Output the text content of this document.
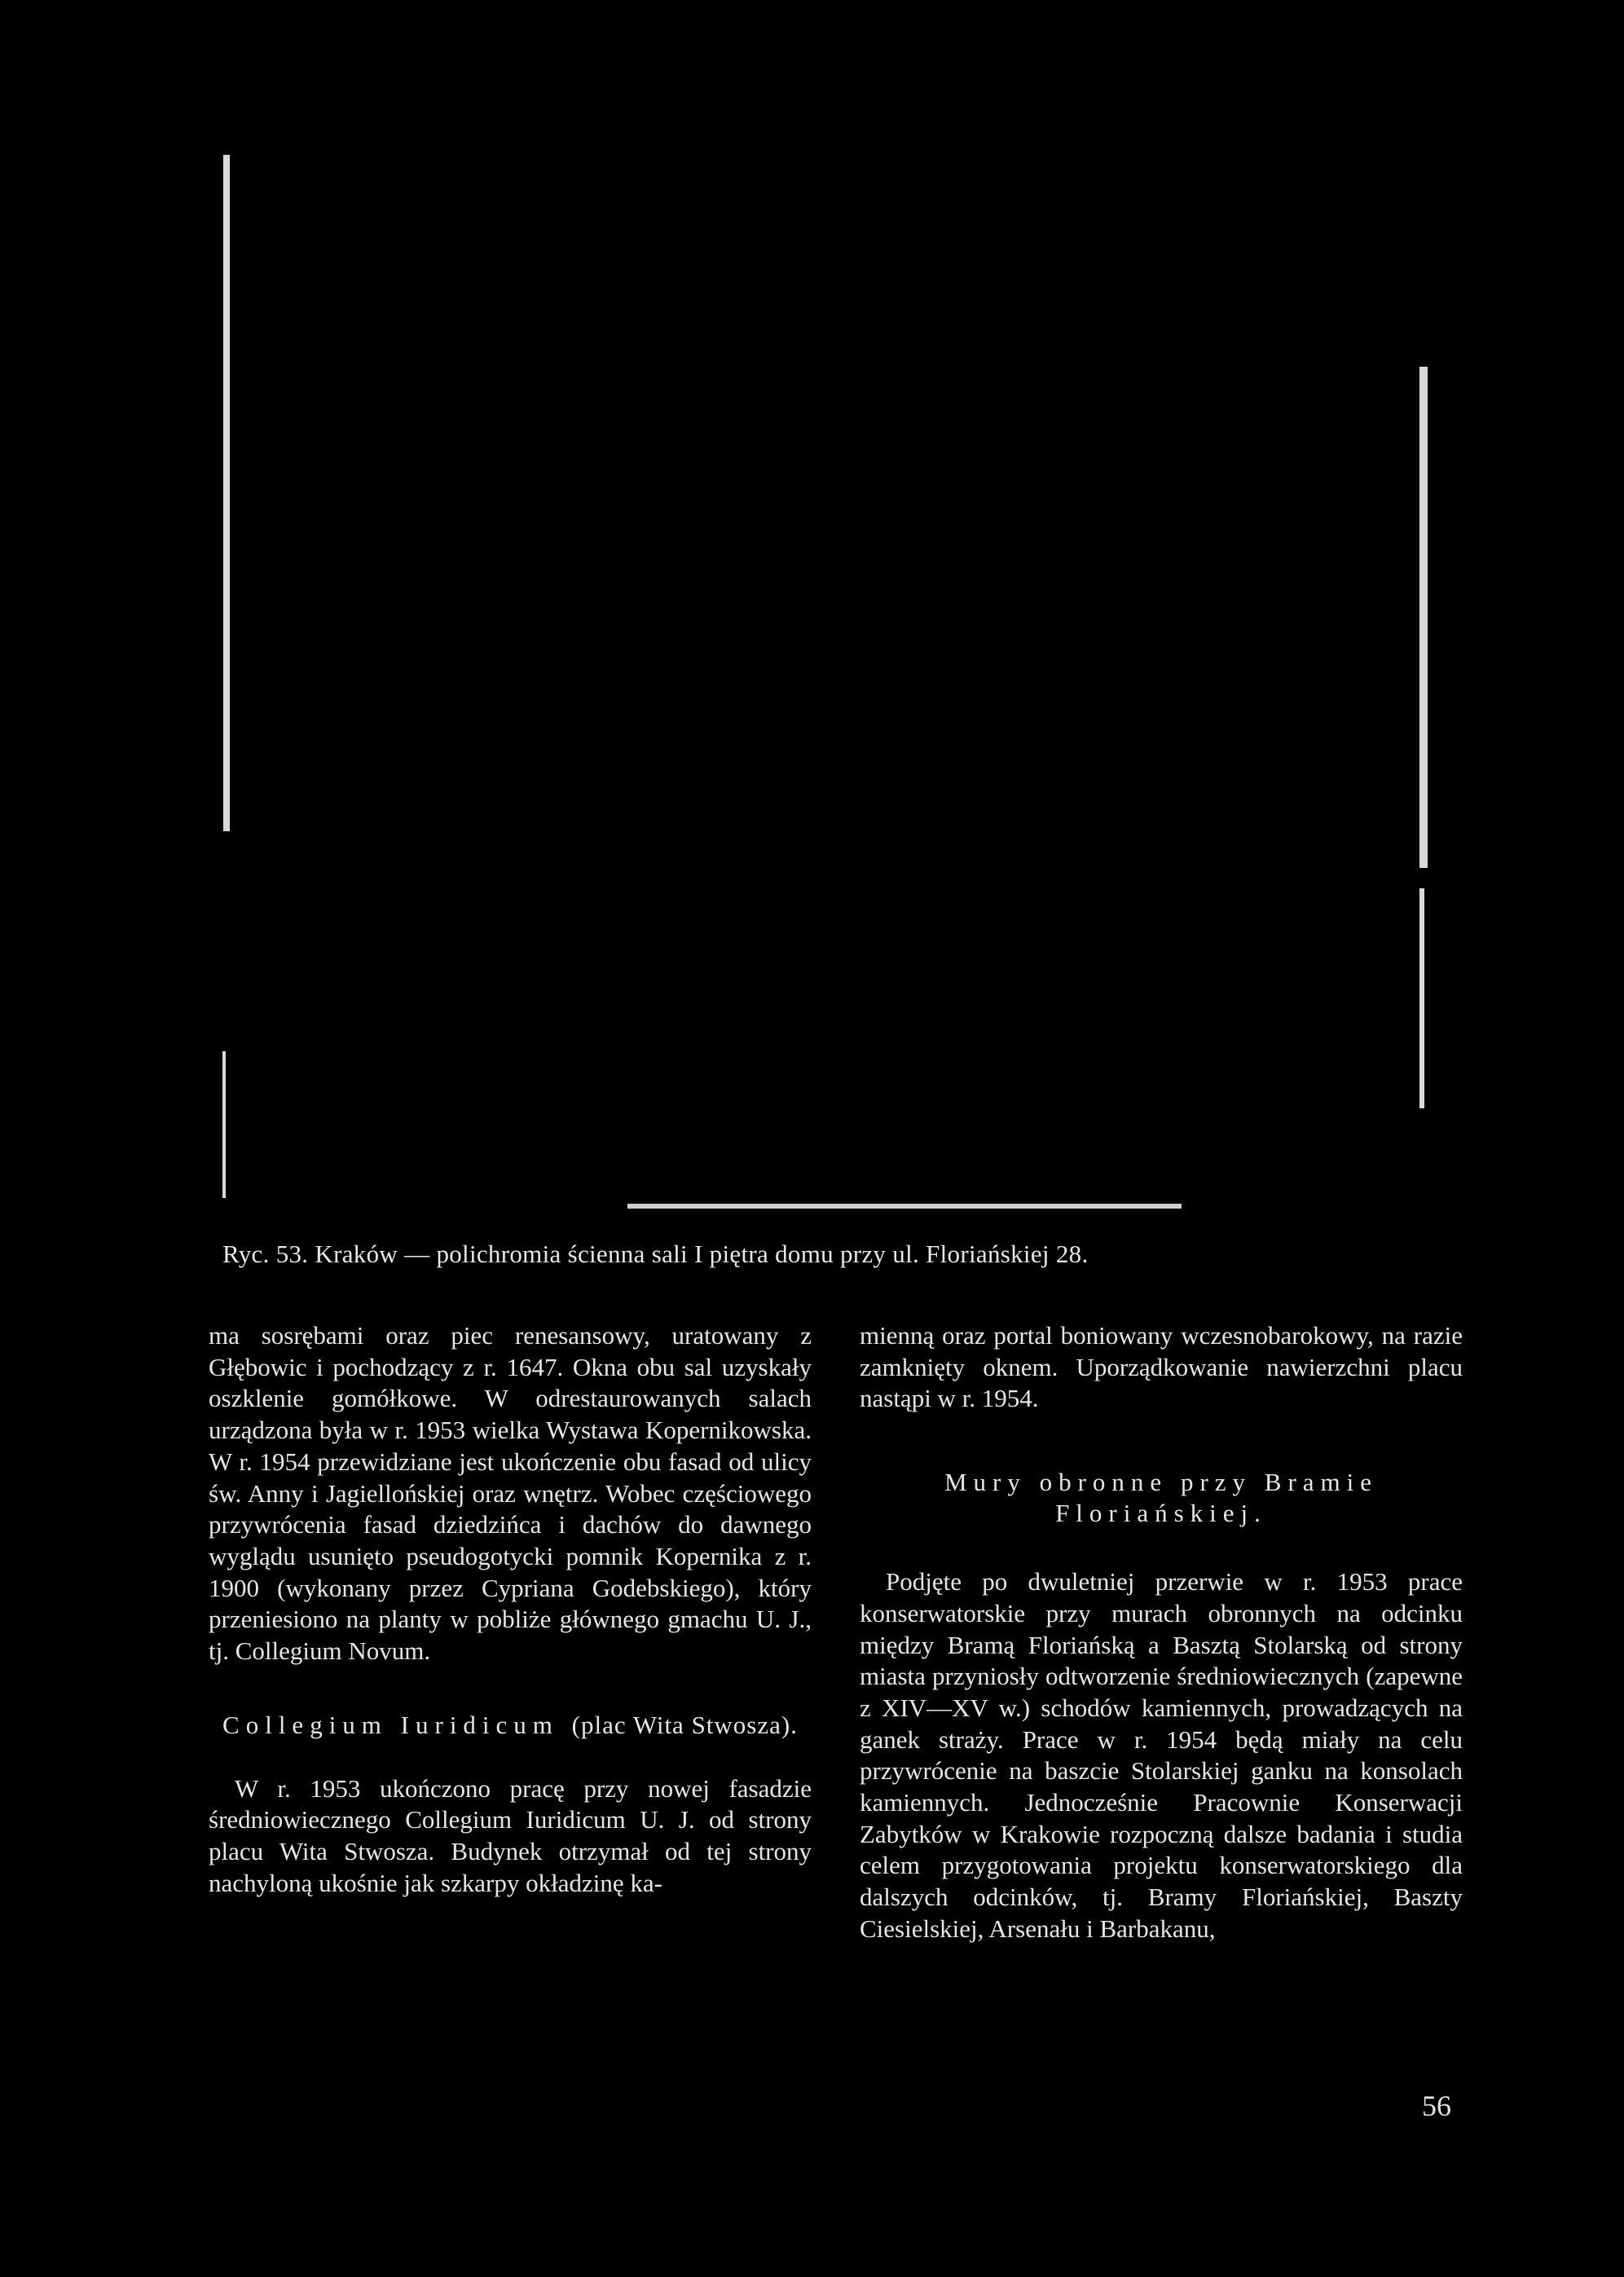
Ryc. 53. Kraków — polichromia ścienna sali I piętra domu przy ul. Floriańskiej 28.

ma sosrębami oraz piec renesansowy, uratowany z Głębowic i pochodzący z r. 1647. Okna obu sal uzyskały oszklenie gomółkowe. W odrestaurowanych salach urządzona była w r. 1953 wielka Wystawa Kopernikowska. W r. 1954 przewidziane jest ukończenie obu fasad od ulicy św. Anny i Jagiellońskiej oraz wnętrz. Wobec częściowego przywrócenia fasad dziedzińca i dachów do dawnego wyglądu usunięto pseudogotycki pomnik Kopernika z r. 1900 (wykonany przez Cypriana Godebskiego), który przeniesiono na planty w pobliże głównego gmachu U. J., tj. Collegium Novum.

Collegium Iuridicum (plac Wita Stwosza).

W r. 1953 ukończono pracę przy nowej fasadzie średniowiecznego Collegium Iuridicum U. J. od strony placu Wita Stwosza. Budynek otrzymał od tej strony nachyloną ukośnie jak szkarpy okładzinę ka-

mienną oraz portal boniowany wczesnobarokowy, na razie zamknięty oknem. Uporządkowanie nawierzchni placu nastąpi w r. 1954.

Mury obronne przy Bramie Floriańskiej.

Podjęte po dwuletniej przerwie w r. 1953 prace konserwatorskie przy murach obronnych na odcinku między Bramą Floriańską a Basztą Stolarską od strony miasta przyniosły odtworzenie średniowiecznych (zapewne z XIV—XV w.) schodów kamiennych, prowadzących na ganek straży. Prace w r. 1954 będą miały na celu przywrócenie na baszcie Stolarskiej ganku na konsolach kamiennych. Jednocześnie Pracownie Konserwacji Zabytków w Krakowie rozpoczną dalsze badania i studia celem przygotowania projektu konserwatorskiego dla dalszych odcinków, tj. Bramy Floriańskiej, Baszty Ciesielskiej, Arsenału i Barbakanu,

56
